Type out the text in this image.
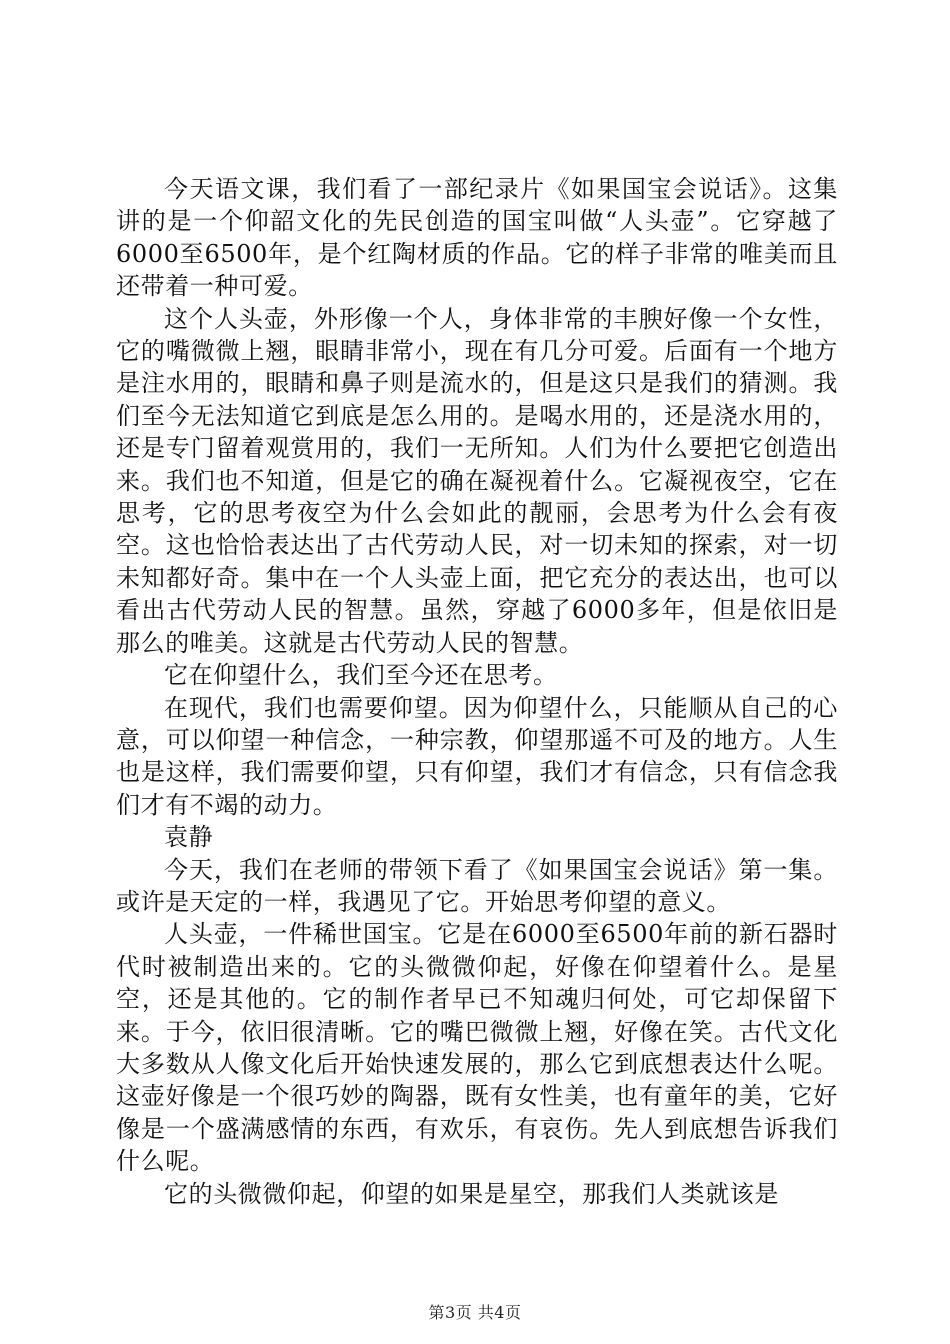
今天语文课，我们看了一部纪录片《如果国宝会说话》。这集讲的是一个仰韶文化的先民创造的国宝叫做“人头壶”。它穿越了6000至6500年，是个红陶材质的作品。它的样子非常的唯美而且还带着一种可爱。

这个人头壶，外形像一个人，身体非常的丰腴好像一个女性，它的嘴微微上翘，眼睛非常小，现在有几分可爱。后面有一个地方是注水用的，眼睛和鼻子则是流水的，但是这只是我们的猜测。我们至今无法知道它到底是怎么用的。是喝水用的，还是浇水用的，还是专门留着观赏用的，我们一无所知。人们为什么要把它创造出来。我们也不知道，但是它的确在凝视着什么。它凝视夜空，它在思考，它的思考夜空为什么会如此的靓丽，会思考为什么会有夜空。这也恰恰表达出了古代劳动人民，对一切未知的探索，对一切未知都好奇。集中在一个人头壶上面，把它充分的表达出，也可以看出古代劳动人民的智慧。虽然，穿越了6000多年，但是依旧是那么的唯美。这就是古代劳动人民的智慧。

它在仰望什么，我们至今还在思考。

在现代，我们也需要仰望。因为仰望什么，只能顺从自己的心意，可以仰望一种信念，一种宗教，仰望那遥不可及的地方。人生也是这样，我们需要仰望，只有仰望，我们才有信念，只有信念我们才有不竭的动力。

袁静

今天，我们在老师的带领下看了《如果国宝会说话》第一集。或许是天定的一样，我遇见了它。开始思考仰望的意义。

人头壶，一件稀世国宝。它是在6000至6500年前的新石器时代时被制造出来的。它的头微微仰起，好像在仰望着什么。是星空，还是其他的。它的制作者早已不知魂归何处，可它却保留下来。于今，依旧很清晰。它的嘴巴微微上翘，好像在笑。古代文化大多数从人像文化后开始快速发展的，那么它到底想表达什么呢。这壶好像是一个很巧妙的陶器，既有女性美，也有童年的美，它好像是一个盛满感情的东西，有欢乐，有哀伤。先人到底想告诉我们什么呢。

它的头微微仰起，仰望的如果是星空，那我们人类就该是

第3页 共4页
